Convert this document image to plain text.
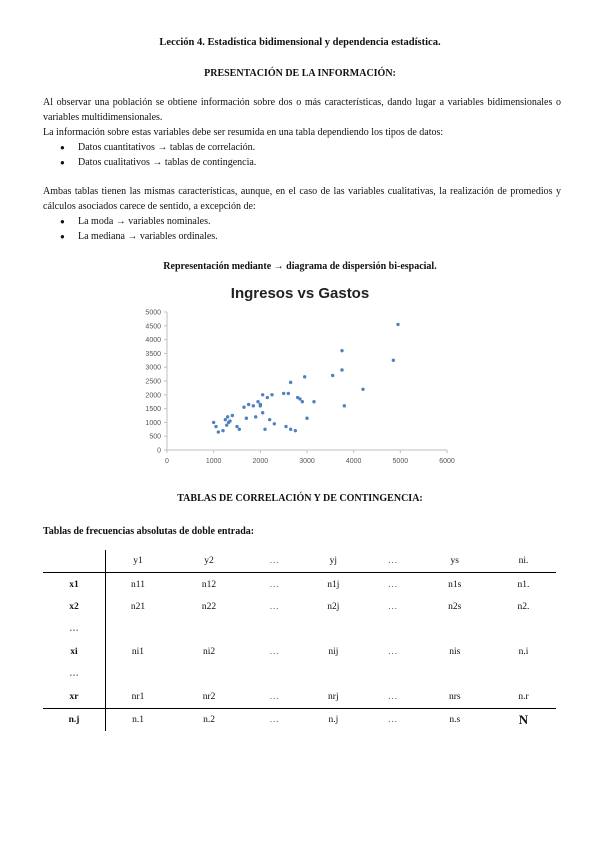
Lección 4. Estadística bidimensional y dependencia estadística.
PRESENTACIÓN DE LA INFORMACIÓN:
Al observar una población se obtiene información sobre dos o más características, dando lugar a variables bidimensionales o variables multidimensionales.
La información sobre estas variables debe ser resumida en una tabla dependiendo los tipos de datos:
● Datos cuantitativos → tablas de correlación.
● Datos cualitativos → tablas de contingencia.
Ambas tablas tienen las mismas características, aunque, en el caso de las variables cualitativas, la realización de promedios y cálculos asociados carece de sentido, a excepción de:
● La moda → variables nominales.
● La mediana → variables ordinales.
Representación mediante → diagrama de dispersión bi-espacial.
Ingresos vs Gastos
0	1000	2000	3000	4000	5000	6000
0
500
1000
1500
2000
2500
3000
3500
4000
4500
5000
TABLAS DE CORRELACIÓN Y DE CONTINGENCIA:
Tablas de frecuencias absolutas de doble entrada:
	y1	y2	…	yj	…	ys	ni.
x1	n11	n12	…	n1j	…	n1s	n1.
x2	n21	n22	…	n2j	…	n2s	n2.
…							
xi	ni1	ni2	…	nij	…	nis	n.i
…							
xr	nr1	nr2	…	nrj	…	nrs	n.r
n.j	n.1	n.2	…	n.j	…	n.s	N
